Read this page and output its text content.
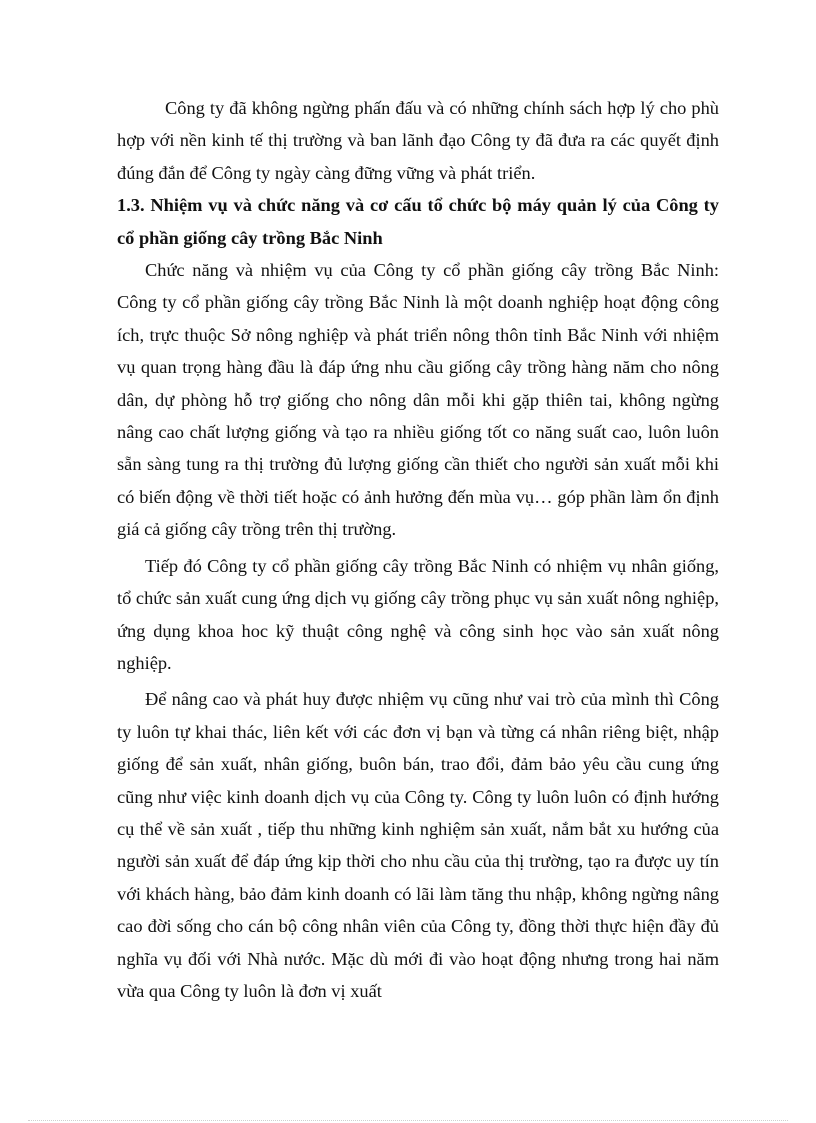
Công ty đã không ngừng phấn đấu và có những chính sách hợp lý cho phù hợp với nền kinh tế thị trường và ban lãnh đạo Công ty đã đưa ra các quyết định đúng đắn để Công ty ngày càng đững vững và phát triển.

1.3. Nhiệm vụ và chức năng và cơ cấu tổ chức bộ máy quản lý của Công ty cổ phần giống cây trồng Bắc Ninh

Chức năng và nhiệm vụ của Công ty cổ phần giống cây trồng Bắc Ninh: Công ty cổ phần giống cây trồng Bắc Ninh là một doanh nghiệp hoạt động công ích, trực thuộc Sở nông nghiệp và phát triển nông thôn tỉnh Bắc Ninh với nhiệm vụ quan trọng hàng đầu là đáp ứng nhu cầu giống cây trồng hàng năm cho nông dân, dự phòng hỗ trợ giống cho nông dân mỗi khi gặp thiên tai, không ngừng nâng cao chất lượng giống và tạo ra nhiều giống tốt co năng suất cao, luôn luôn sẵn sàng tung ra thị trường đủ lượng giống cần thiết cho người sản xuất mỗi khi có biến động về thời tiết hoặc có ảnh hưởng đến mùa vụ… góp phần làm ổn định giá cả giống cây trồng trên thị trường.

Tiếp đó Công ty cổ phần giống cây trồng Bắc Ninh có nhiệm vụ nhân giống, tổ chức sản xuất cung ứng dịch vụ giống cây trồng phục vụ sản xuất nông nghiệp, ứng dụng khoa hoc kỹ thuật công nghệ và công sinh học vào sản xuất nông nghiệp.

Để nâng cao và phát huy được nhiệm vụ cũng như vai trò của mình thì Công ty luôn tự khai thác, liên kết với các đơn vị bạn và từng cá nhân riêng biệt, nhập giống để sản xuất, nhân giống, buôn bán, trao đổi, đảm bảo yêu cầu cung ứng cũng như việc kinh doanh dịch vụ của Công ty. Công ty luôn luôn có định hướng cụ thể về sản xuất , tiếp thu những kinh nghiệm sản xuất, nắm bắt xu hướng của người sản xuất để đáp ứng kịp thời cho nhu cầu của thị trường, tạo ra được uy tín với khách hàng, bảo đảm kinh doanh có lãi làm tăng thu nhập, không ngừng nâng cao đời sống cho cán bộ công nhân viên của Công ty, đồng thời thực hiện đầy đủ nghĩa vụ đối với Nhà nước. Mặc dù mới đi vào hoạt động nhưng trong hai năm vừa qua Công ty luôn là đơn vị xuất
